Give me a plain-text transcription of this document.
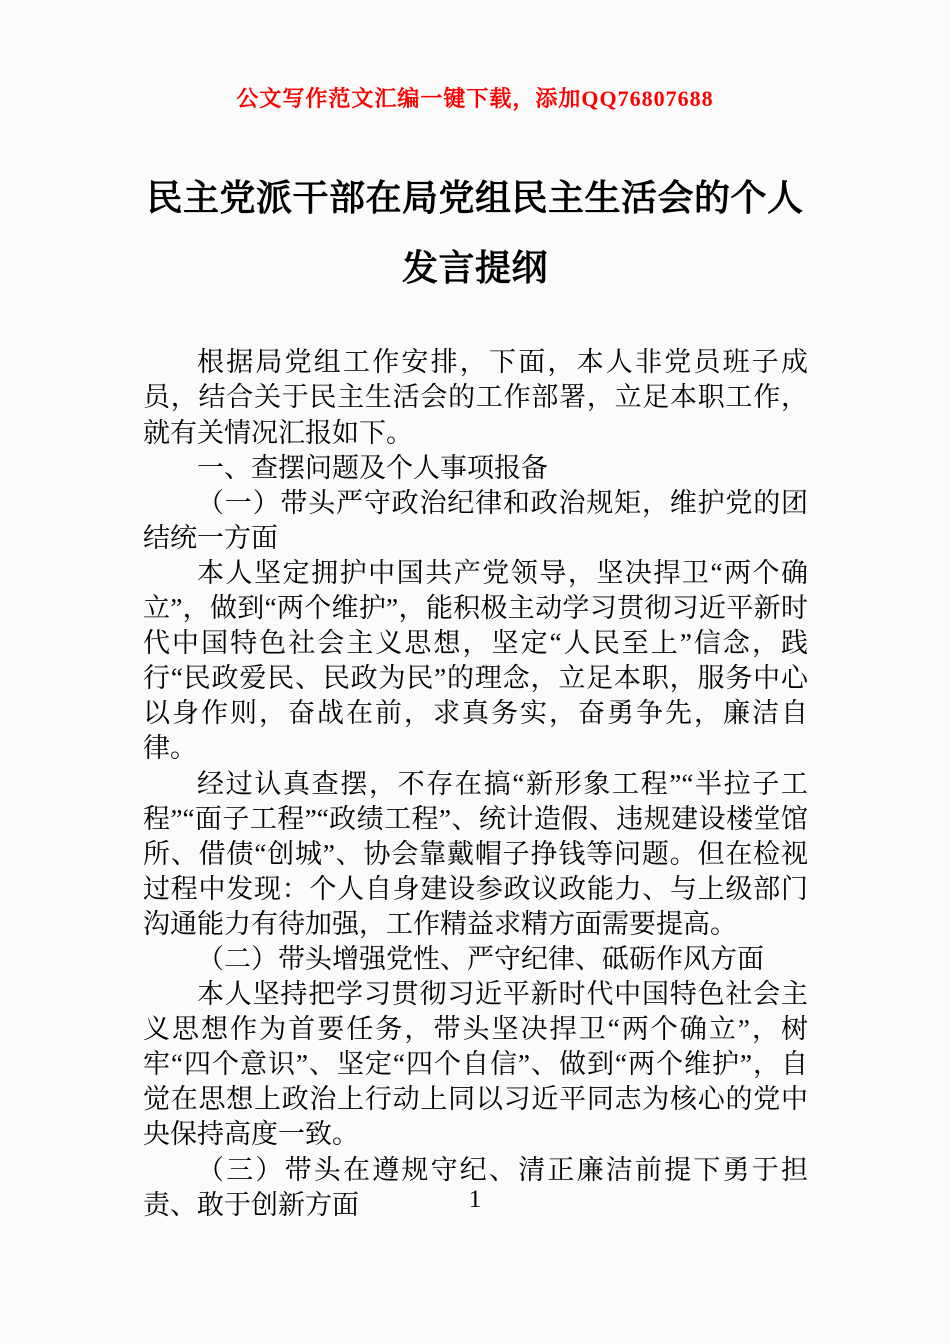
公文写作范文汇编一键下载，添加QQ76807688
民主党派干部在局党组民主生活会的个人发言提纲

根据局党组工作安排，下面，本人非党员班子成员，结合关于民主生活会的工作部署，立足本职工作，就有关情况汇报如下。

一、查摆问题及个人事项报备

（一）带头严守政治纪律和政治规矩，维护党的团结统一方面

本人坚定拥护中国共产党领导，坚决捍卫“两个确立”，做到“两个维护”，能积极主动学习贯彻习近平新时代中国特色社会主义思想，坚定“人民至上”信念，践行“民政爱民、民政为民”的理念，立足本职，服务中心以身作则，奋战在前，求真务实，奋勇争先，廉洁自律。

经过认真查摆，不存在搞“新形象工程”“半拉子工程”“面子工程”“政绩工程”、统计造假、违规建设楼堂馆所、借债“创城”、协会靠戴帽子挣钱等问题。但在检视过程中发现：个人自身建设参政议政能力、与上级部门沟通能力有待加强，工作精益求精方面需要提高。

（二）带头增强党性、严守纪律、砥砺作风方面

本人坚持把学习贯彻习近平新时代中国特色社会主义思想作为首要任务，带头坚决捍卫“两个确立”，树牢“四个意识”、坚定“四个自信”、做到“两个维护”，自觉在思想上政治上行动上同以习近平同志为核心的党中央保持高度一致。

（三）带头在遵规守纪、清正廉洁前提下勇于担责、敢于创新方面	1
